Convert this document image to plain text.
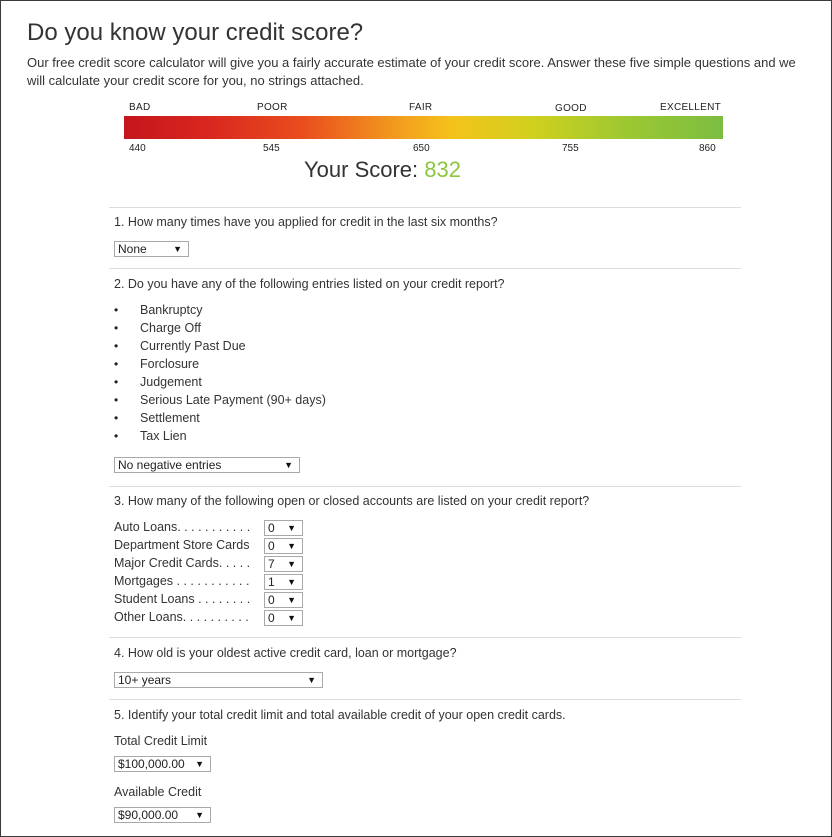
Do you know your credit score?

Our free credit score calculator will give you a fairly accurate estimate of your credit score. Answer these five simple questions and we will calculate your credit score for you, no strings attached.

BAD	POOR	FAIR	GOOD	EXCELLENT
440	545	650	755	860

Your Score: 832

1. How many times have you applied for credit in the last six months?

None	▼

2. Do you have any of the following entries listed on your credit report?

• Bankruptcy
• Charge Off
• Currently Past Due
• Forclosure
• Judgement
• Serious Late Payment (90+ days)
• Settlement
• Tax Lien
No negative entries	▼

3. How many of the following open or closed accounts are listed on your credit report?

Auto Loans. . . . . . . . . . .	0 ▼
Department Store Cards	0 ▼
Major Credit Cards. . . . .	7 ▼
Mortgages . . . . . . . . . . .	1 ▼
Student Loans . . . . . . . .	0 ▼
Other Loans. . . . . . . . . .	0 ▼

4. How old is your oldest active credit card, loan or mortgage?

10+ years	▼

5. Identify your total credit limit and total available credit of your open credit cards.

Total Credit Limit
$100,000.00 ▼
Available Credit
$90,000.00 ▼
